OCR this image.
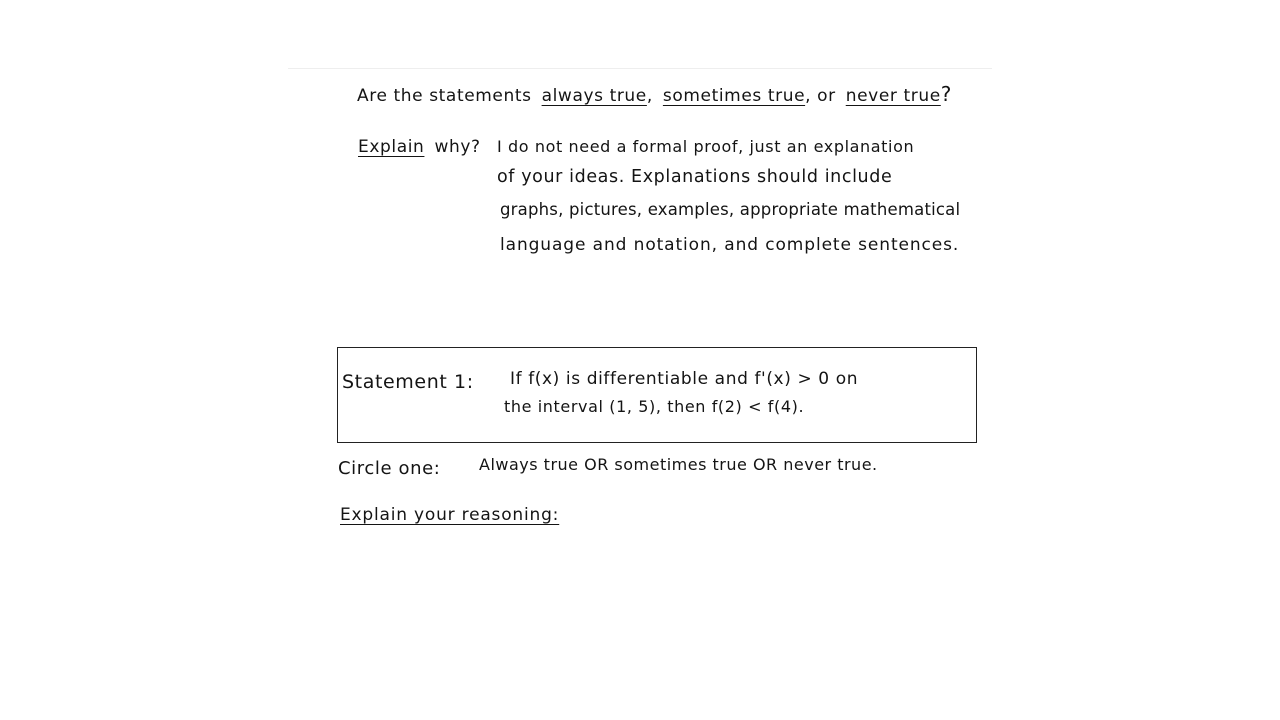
Are the statements always true, sometimes true, or never true?
Explain why? I do not need a formal proof, just an explanation
of your ideas. Explanations should include
graphs, pictures, examples, appropriate mathematical
language and notation, and complete sentences.
Statement 1: If f(x) is differentiable and f'(x) > 0 on
the interval (1, 5), then f(2) < f(4).
Circle one: Always true OR sometimes true OR never true.
Explain your reasoning:
